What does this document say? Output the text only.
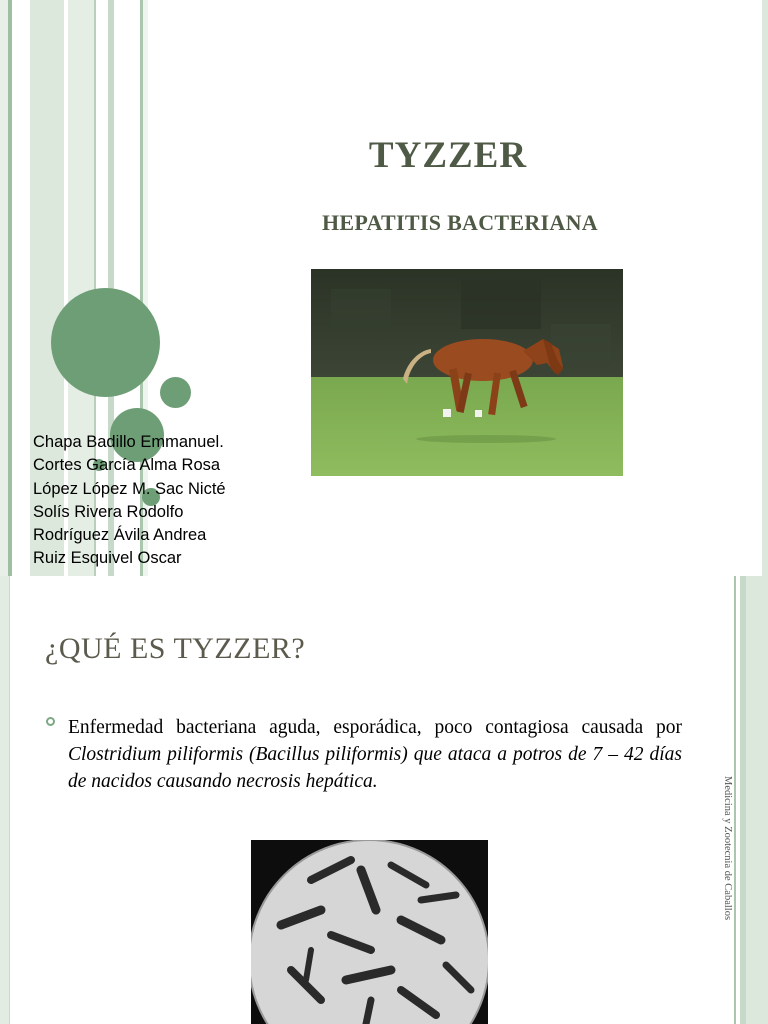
TYZZER
HEPATITIS BACTERIANA
Chapa Badillo Emmanuel.
Cortes García Alma Rosa
López López M. Sac Nicté
Solís Rivera Rodolfo
Rodríguez Ávila Andrea
Ruiz Esquivel Oscar
¿QUÉ ES TYZZER?

Enfermedad bacteriana aguda, esporádica, poco contagiosa causada por Clostridium piliformis (Bacillus piliformis) que ataca a potros de 7 – 42 días de nacidos causando necrosis hepática.	Medicina y Zootecnia de Caballos
